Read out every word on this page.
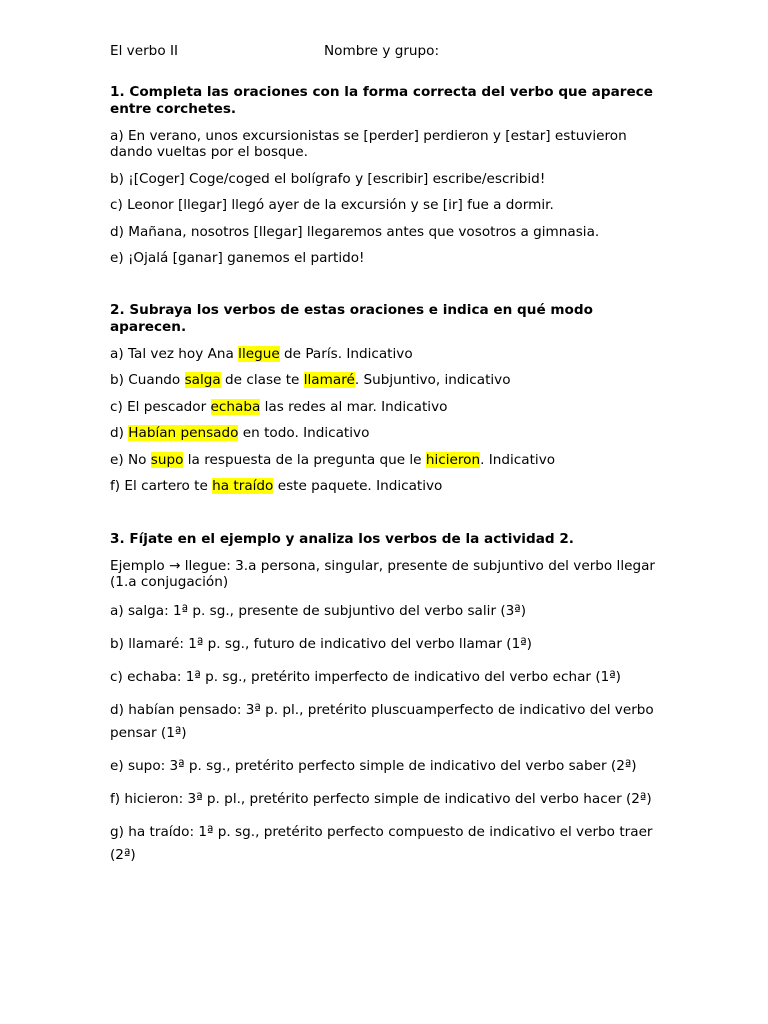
El verbo II	Nombre y grupo:
1. Completa las oraciones con la forma correcta del verbo que aparece entre corchetes.
a) En verano, unos excursionistas se [perder] perdieron y [estar] estuvieron dando vueltas por el bosque.
b) ¡[Coger] Coge/coged el bolígrafo y [escribir] escribe/escribid!
c) Leonor [llegar] llegó ayer de la excursión y se [ir] fue a dormir.
d) Mañana, nosotros [llegar] llegaremos antes que vosotros a gimnasia.
e) ¡Ojalá [ganar] ganemos el partido!
2. Subraya los verbos de estas oraciones e indica en qué modo aparecen.
a) Tal vez hoy Ana llegue de París. Indicativo
b) Cuando salga de clase te llamaré. Subjuntivo, indicativo
c) El pescador echaba las redes al mar. Indicativo
d) Habían pensado en todo. Indicativo
e) No supo la respuesta de la pregunta que le hicieron. Indicativo
f) El cartero te ha traído este paquete. Indicativo
3. Fíjate en el ejemplo y analiza los verbos de la actividad 2.
Ejemplo → llegue: 3.a persona, singular, presente de subjuntivo del verbo llegar (1.a conjugación)
a) salga: 1ª p. sg., presente de subjuntivo del verbo salir (3ª)
b) llamaré: 1ª p. sg., futuro de indicativo del verbo llamar (1ª)
c) echaba: 1ª p. sg., pretérito imperfecto de indicativo del verbo echar (1ª)
d) habían pensado: 3ª p. pl., pretérito pluscuamperfecto de indicativo del verbo pensar (1ª)
e) supo: 3ª p. sg., pretérito perfecto simple de indicativo del verbo saber (2ª)
f) hicieron: 3ª p. pl., pretérito perfecto simple de indicativo del verbo hacer (2ª)
g) ha traído: 1ª p. sg., pretérito perfecto compuesto de indicativo el verbo traer (2ª)
